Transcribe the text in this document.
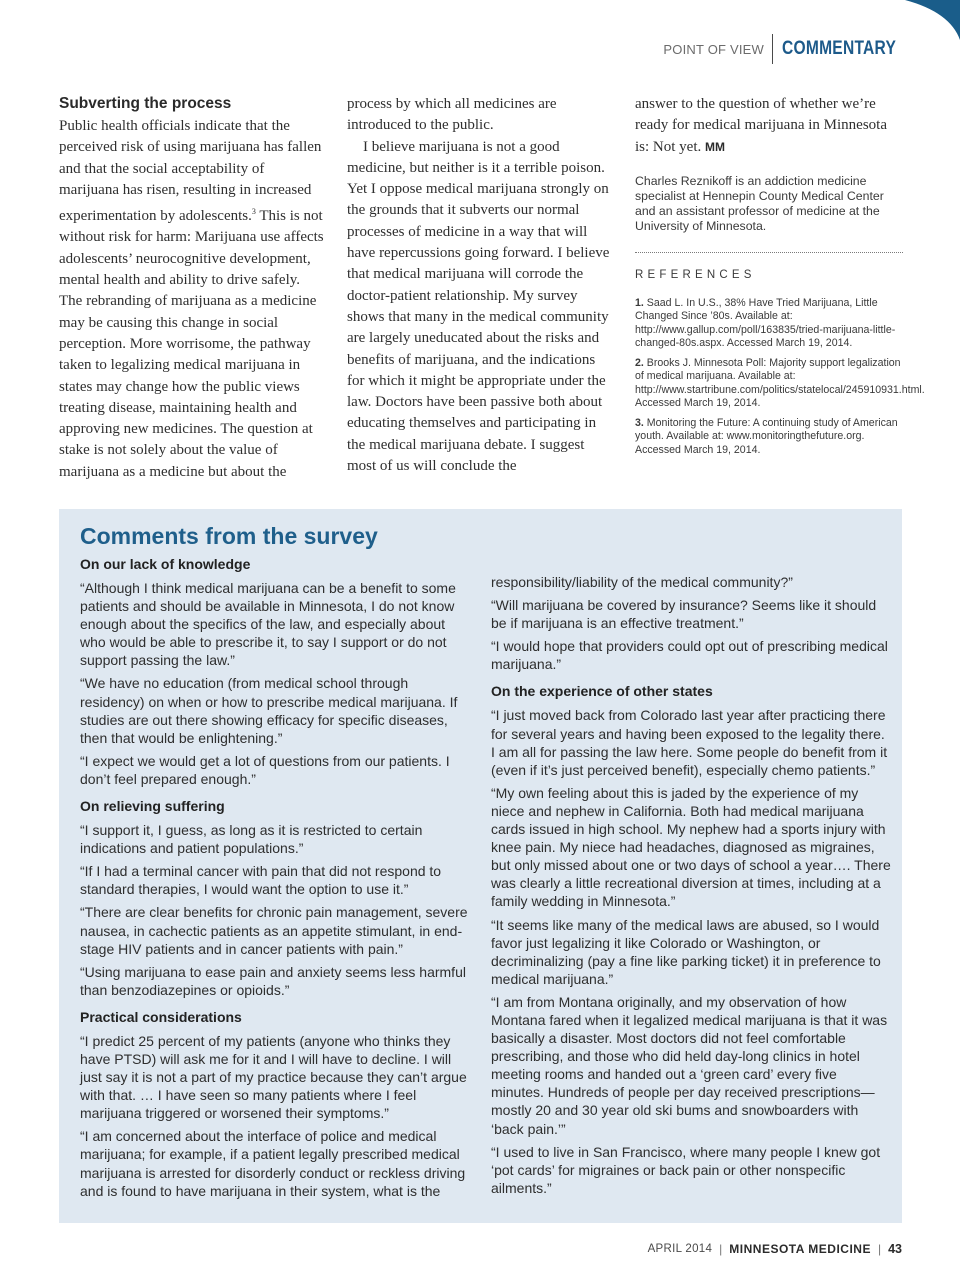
POINT OF VIEW COMMENTARY
Subverting the process

Public health officials indicate that the perceived risk of using marijuana has fallen and that the social acceptability of marijuana has risen, resulting in increased experimentation by adolescents.$^3$ This is not without risk for harm: Marijuana use affects adolescents’ neurocognitive development, mental health and ability to drive safely. The rebranding of marijuana as a medicine may be causing this change in social perception. More worrisome, the pathway taken to legalizing medical marijuana in states may change how the public views treating disease, maintaining health and approving new medicines. The question at stake is not solely about the value of marijuana as a medicine but about the

process by which all medicines are introduced to the public.

I believe marijuana is not a good medicine, but neither is it a terrible poison. Yet I oppose medical marijuana strongly on the grounds that it subverts our normal processes of medicine in a way that will have repercussions going forward. I believe that medical marijuana will corrode the doctor-patient relationship. My survey shows that many in the medical community are largely uneducated about the risks and benefits of marijuana, and the indications for which it might be appropriate under the law. Doctors have been passive both about educating themselves and participating in the medical marijuana debate. I suggest most of us will conclude the

answer to the question of whether we’re ready for medical marijuana in Minnesota is: Not yet. MM

Charles Reznikoff is an addiction medicine specialist at Hennepin County Medical Center and an assistant professor of medicine at the University of Minnesota.
REFERENCES
1. Saad L. In U.S., 38% Have Tried Marijuana, Little Changed Since ’80s. Available at: http://www.gallup.com/poll/163835/tried-marijuana-little-changed-80s.aspx. Accessed March 19, 2014.
2. Brooks J. Minnesota Poll: Majority support legalization of medical marijuana. Available at: http://www.startribune.com/politics/statelocal/245910931.html. Accessed March 19, 2014.
3. Monitoring the Future: A continuing study of American youth. Available at: www.monitoringthefuture.org. Accessed March 19, 2014.
Comments from the survey
On our lack of knowledge

“Although I think medical marijuana can be a benefit to some patients and should be available in Minnesota, I do not know enough about the specifics of the law, and especially about who would be able to prescribe it, to say I support or do not support passing the law.”

“We have no education (from medical school through residency) on when or how to prescribe medical marijuana. If studies are out there showing efficacy for specific diseases, then that would be enlightening.”

“I expect we would get a lot of questions from our patients. I don’t feel prepared enough.”

On relieving suffering

“I support it, I guess, as long as it is restricted to certain indications and patient populations.”

“If I had a terminal cancer with pain that did not respond to standard therapies, I would want the option to use it.”

“There are clear benefits for chronic pain management, severe nausea, in cachectic patients as an appetite stimulant, in end-stage HIV patients and in cancer patients with pain.”

“Using marijuana to ease pain and anxiety seems less harmful than benzodiazepines or opioids.”

Practical considerations

“I predict 25 percent of my patients (anyone who thinks they have PTSD) will ask me for it and I will have to decline. I will just say it is not a part of my practice because they can’t argue with that. … I have seen so many patients where I feel marijuana triggered or worsened their symptoms.”

“I am concerned about the interface of police and medical marijuana; for example, if a patient legally prescribed medical marijuana is arrested for disorderly conduct or reckless driving and is found to have marijuana in their system, what is the

responsibility/liability of the medical community?”

“Will marijuana be covered by insurance? Seems like it should be if marijuana is an effective treatment.”

“I would hope that providers could opt out of prescribing medical marijuana.”

On the experience of other states

“I just moved back from Colorado last year after practicing there for several years and having been exposed to the legality there. I am all for passing the law here. Some people do benefit from it (even if it’s just perceived benefit), especially chemo patients.”

“My own feeling about this is jaded by the experience of my niece and nephew in California. Both had medical marijuana cards issued in high school. My nephew had a sports injury with knee pain. My niece had headaches, diagnosed as migraines, but only missed about one or two days of school a year…. There was clearly a little recreational diversion at times, including at a family wedding in Minnesota.”

“It seems like many of the medical laws are abused, so I would favor just legalizing it like Colorado or Washington, or decriminalizing (pay a fine like parking ticket) it in preference to medical marijuana.”

“I am from Montana originally, and my observation of how Montana fared when it legalized medical marijuana is that it was basically a disaster. Most doctors did not feel comfortable prescribing, and those who did held day-long clinics in hotel meeting rooms and handed out a ‘green card’ every five minutes. Hundreds of people per day received prescriptions—mostly 20 and 30 year old ski bums and snowboarders with ‘back pain.’”

“I used to live in San Francisco, where many people I knew got ‘pot cards’ for migraines or back pain or other nonspecific ailments.”

APRIL 2014 | MINNESOTA MEDICINE | 43
